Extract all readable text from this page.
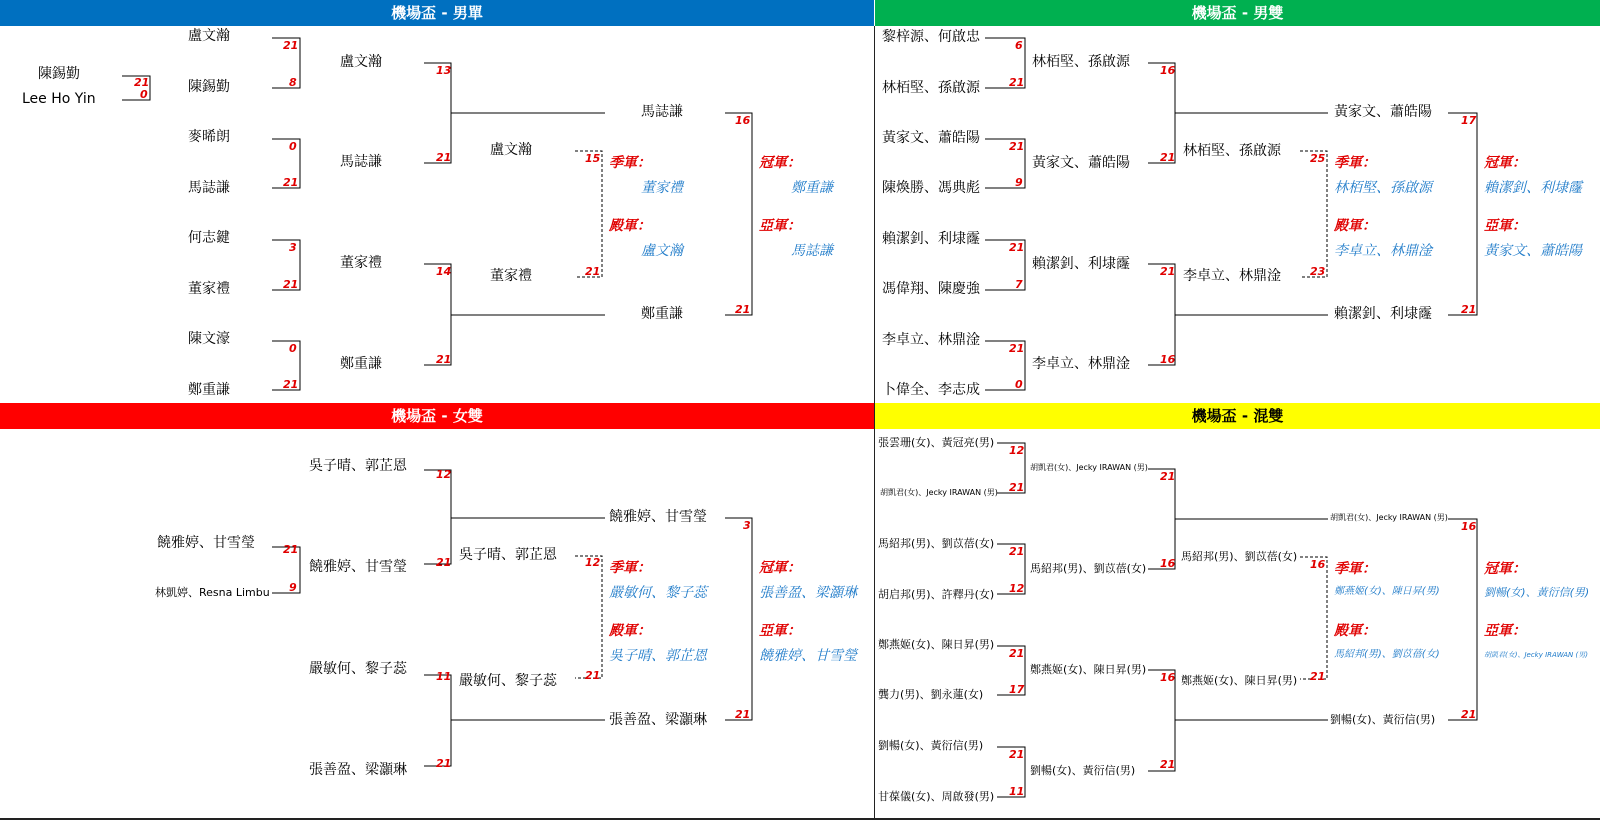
機場盃 - 男單	機場盃 - 男雙
機場盃 - 女雙	機場盃 - 混雙
陳錫勤
Lee Ho Yin
21
0
盧文瀚
陳錫勤
麥晞朗
馬誌謙
何志鍵
董家禮
陳文濠
鄭重謙
21
8
0
21
3
21
0
21
盧文瀚
馬誌謙
董家禮
鄭重謙
13
21
14
21
盧文瀚
董家禮
15
21
馬誌謙
鄭重謙
16
21
季軍：
董家禮
殿軍：
盧文瀚
冠軍：
鄭重謙
亞軍：
馬誌謙
黎梓源、何啟忠
林栢堅、孫啟源
黃家文、蕭皓陽
陳煥勝、馮典彪
賴潔釗、利埭霳
馮偉翔、陳慶強
李卓立、林鼎淦
卜偉全、李志成
6
21
21
9
21
7
21
0
林栢堅、孫啟源
黃家文、蕭皓陽
賴潔釗、利埭霳
李卓立、林鼎淦
16
21
21
16
林栢堅、孫啟源
李卓立、林鼎淦
25
23
黃家文、蕭皓陽
賴潔釗、利埭霳
17
21
季軍：
林栢堅、孫啟源
殿軍：
李卓立、林鼎淦
冠軍：
賴潔釗、利埭霳
亞軍：
黃家文、蕭皓陽
饒雅婷、甘雪瑩
林凱婷、Resna Limbu
21
9
吳子晴、郭芷恩
饒雅婷、甘雪瑩
嚴敏何、黎子蕊
張善盈、梁灝琳
12
21
11
21
吳子晴、郭芷恩
嚴敏何、黎子蕊
12
21
饒雅婷、甘雪瑩
張善盈、梁灝琳
3
21
季軍：
嚴敏何、黎子蕊
殿軍：
吳子晴、郭芷恩
冠軍：
張善盈、梁灝琳
亞軍：
饒雅婷、甘雪瑩
張雲珊(女)、黃冠亮(男)
胡凱君(女)、Jecky IRAWAN (男)
馬紹邦(男)、劉苡蓓(女)
胡启邦(男)、許釋丹(女)
鄭燕姬(女)、陳日昇(男)
龔力(男)、劉永蓮(女)
劉暢(女)、黃衍信(男)
甘葆儀(女)、周啟發(男)
12
21
21
12
21
17
21
11
胡凱君(女)、Jecky IRAWAN (男)
馬紹邦(男)、劉苡蓓(女)
鄭燕姬(女)、陳日昇(男)
劉暢(女)、黃衍信(男)
21
16
16
21
馬紹邦(男)、劉苡蓓(女)
鄭燕姬(女)、陳日昇(男)
16
21
胡凱君(女)、Jecky IRAWAN (男)
劉暢(女)、黃衍信(男)
16
21
季軍：
鄭燕姬(女)、陳日昇(男)
殿軍：
馬紹邦(男)、劉苡蓓(女)
冠軍：
劉暢(女)、黃衍信(男)
亞軍：
胡凱君(女)、Jecky IRAWAN (男)
